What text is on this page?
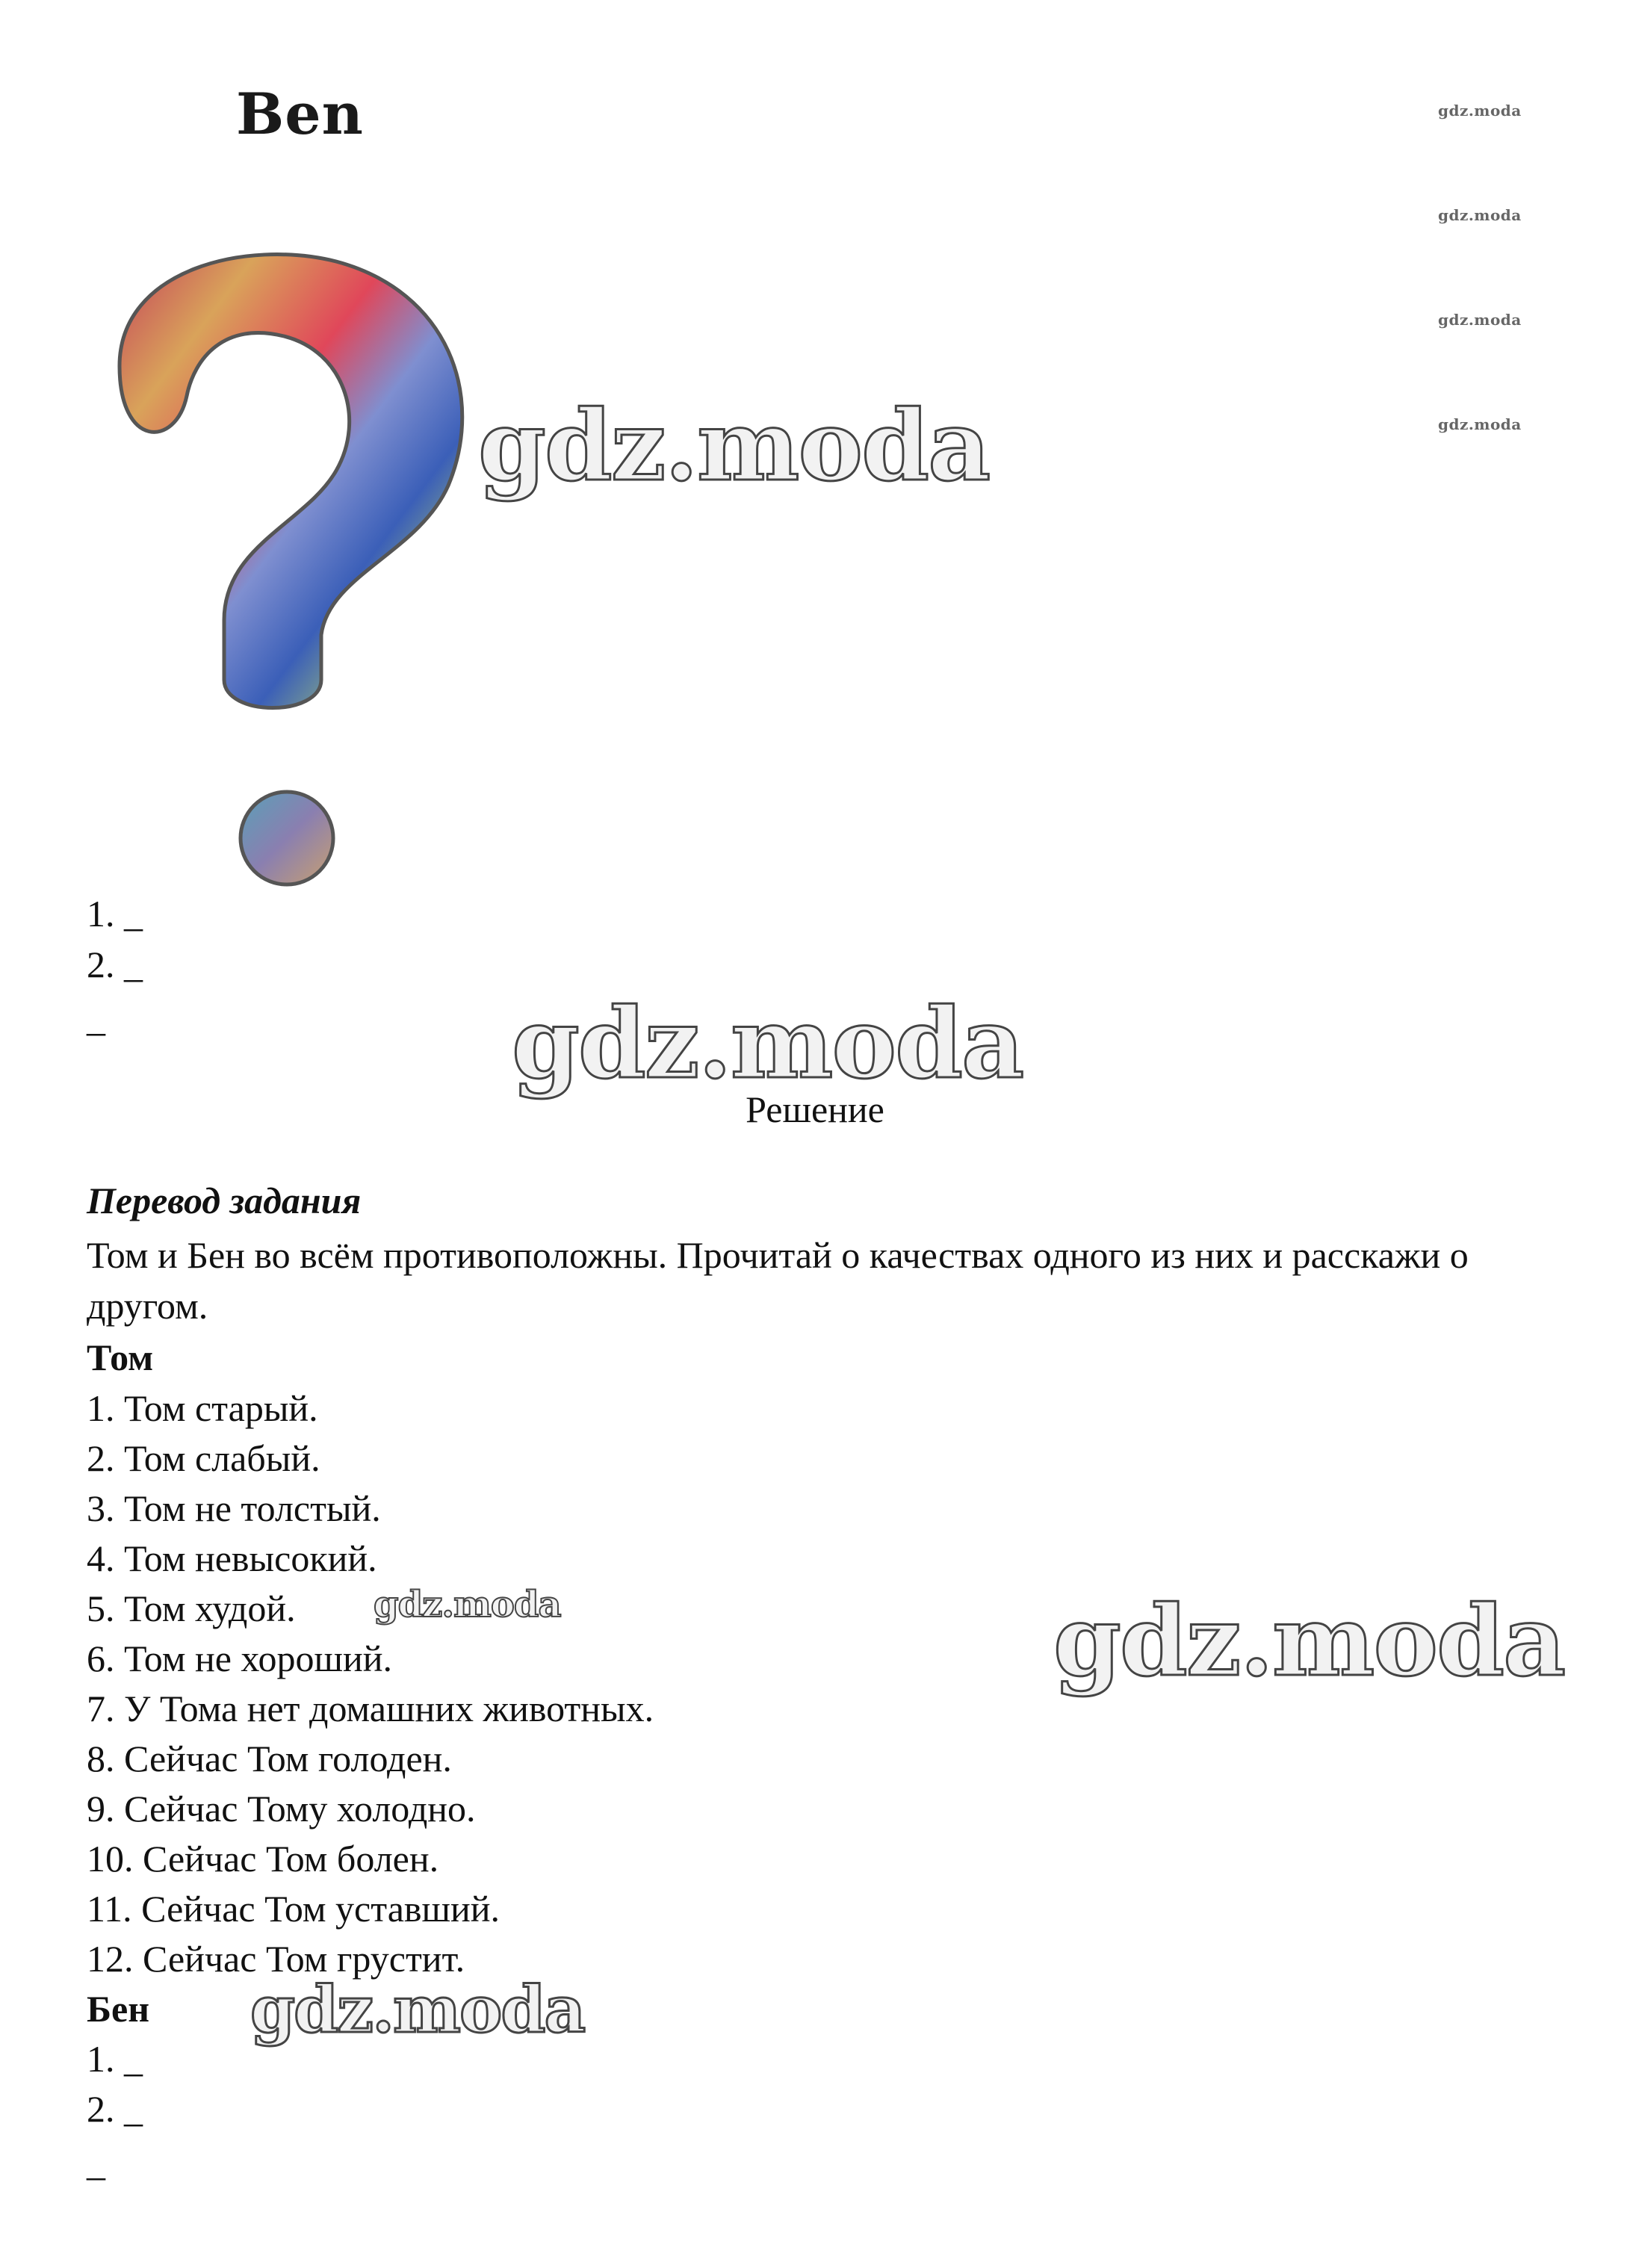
Ben	gdz.moda
gdz.moda
gdz.moda
gdz.moda
gdz.moda
gdz.moda
gdz.moda
gdz.moda
gdz.moda
1. _
2. _
_
Решение
Перевод задания
Том и Бен во всём противоположны. Прочитай о качествах одного из них и расскажи о другом.
Том
1. Том старый.
2. Том слабый.
3. Том не толстый.
4. Том невысокий.
5. Том худой.
6. Том не хороший.
7. У Тома нет домашних животных.
8. Сейчас Том голоден.
9. Сейчас Тому холодно.
10. Сейчас Том болен.
11. Сейчас Том уставший.
12. Сейчас Том грустит.
Бен
1. _
2. _
_
